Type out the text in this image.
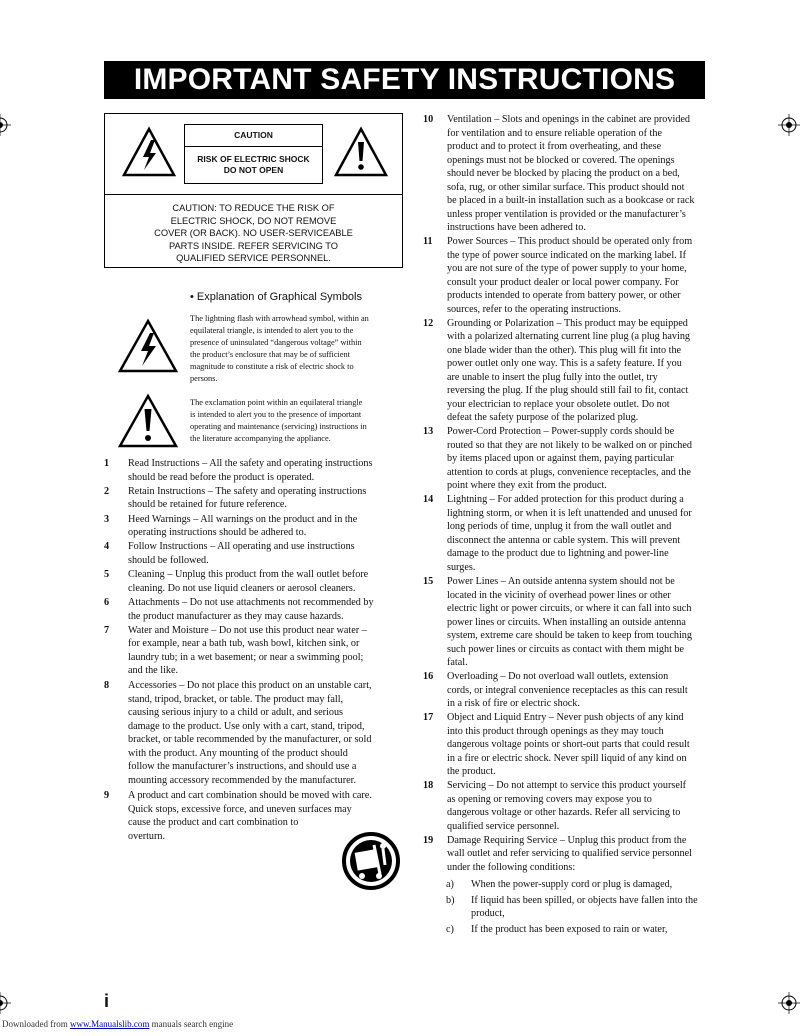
IMPORTANT SAFETY INSTRUCTIONS
CAUTION
RISK OF ELECTRIC SHOCK
DO NOT OPEN
CAUTION: TO REDUCE THE RISK OF
ELECTRIC SHOCK, DO NOT REMOVE
COVER (OR BACK). NO USER-SERVICEABLE
PARTS INSIDE. REFER SERVICING TO
QUALIFIED SERVICE PERSONNEL.
• Explanation of Graphical Symbols
The lightning flash with arrowhead symbol, within an
equilateral triangle, is intended to alert you to the
presence of uninsulated “dangerous voltage” within
the product’s enclosure that may be of sufficient
magnitude to constitute a risk of electric shock to
persons.
The exclamation point within an equilateral triangle
is intended to alert you to the presence of important
operating and maintenance (servicing) instructions in
the literature accompanying the appliance.
1 Read Instructions – All the safety and operating instructions
should be read before the product is operated.
2 Retain Instructions – The safety and operating instructions
should be retained for future reference.
3 Heed Warnings – All warnings on the product and in the
operating instructions should be adhered to.
4 Follow Instructions – All operating and use instructions
should be followed.
5 Cleaning – Unplug this product from the wall outlet before
cleaning. Do not use liquid cleaners or aerosol cleaners.
6 Attachments – Do not use attachments not recommended by
the product manufacturer as they may cause hazards.
7 Water and Moisture – Do not use this product near water –
for example, near a bath tub, wash bowl, kitchen sink, or
laundry tub; in a wet basement; or near a swimming pool;
and the like.
8 Accessories – Do not place this product on an unstable cart,
stand, tripod, bracket, or table. The product may fall,
causing serious injury to a child or adult, and serious
damage to the product. Use only with a cart, stand, tripod,
bracket, or table recommended by the manufacturer, or sold
with the product. Any mounting of the product should
follow the manufacturer’s instructions, and should use a
mounting accessory recommended by the manufacturer.
9 A product and cart combination should be moved with care.
Quick stops, excessive force, and uneven surfaces may
cause the product and cart combination to
overturn.
10 Ventilation – Slots and openings in the cabinet are provided
for ventilation and to ensure reliable operation of the
product and to protect it from overheating, and these
openings must not be blocked or covered. The openings
should never be blocked by placing the product on a bed,
sofa, rug, or other similar surface. This product should not
be placed in a built-in installation such as a bookcase or rack
unless proper ventilation is provided or the manufacturer’s
instructions have been adhered to.
11 Power Sources – This product should be operated only from
the type of power source indicated on the marking label. If
you are not sure of the type of power supply to your home,
consult your product dealer or local power company. For
products intended to operate from battery power, or other
sources, refer to the operating instructions.
12 Grounding or Polarization – This product may be equipped
with a polarized alternating current line plug (a plug having
one blade wider than the other). This plug will fit into the
power outlet only one way. This is a safety feature. If you
are unable to insert the plug fully into the outlet, try
reversing the plug. If the plug should still fail to fit, contact
your electrician to replace your obsolete outlet. Do not
defeat the safety purpose of the polarized plug.
13 Power-Cord Protection – Power-supply cords should be
routed so that they are not likely to be walked on or pinched
by items placed upon or against them, paying particular
attention to cords at plugs, convenience receptacles, and the
point where they exit from the product.
14 Lightning – For added protection for this product during a
lightning storm, or when it is left unattended and unused for
long periods of time, unplug it from the wall outlet and
disconnect the antenna or cable system. This will prevent
damage to the product due to lightning and power-line
surges.
15 Power Lines – An outside antenna system should not be
located in the vicinity of overhead power lines or other
electric light or power circuits, or where it can fall into such
power lines or circuits. When installing an outside antenna
system, extreme care should be taken to keep from touching
such power lines or circuits as contact with them might be
fatal.
16 Overloading – Do not overload wall outlets, extension
cords, or integral convenience receptacles as this can result
in a risk of fire or electric shock.
17 Object and Liquid Entry – Never push objects of any kind
into this product through openings as they may touch
dangerous voltage points or short-out parts that could result
in a fire or electric shock. Never spill liquid of any kind on
the product.
18 Servicing – Do not attempt to service this product yourself
as opening or removing covers may expose you to
dangerous voltage or other hazards. Refer all servicing to
qualified service personnel.
19 Damage Requiring Service – Unplug this product from the
wall outlet and refer servicing to qualified service personnel
under the following conditions:
a) When the power-supply cord or plug is damaged,
b) If liquid has been spilled, or objects have fallen into the
product,
c) If the product has been exposed to rain or water,
i
Downloaded from www.Manualslib.com manuals search engine
